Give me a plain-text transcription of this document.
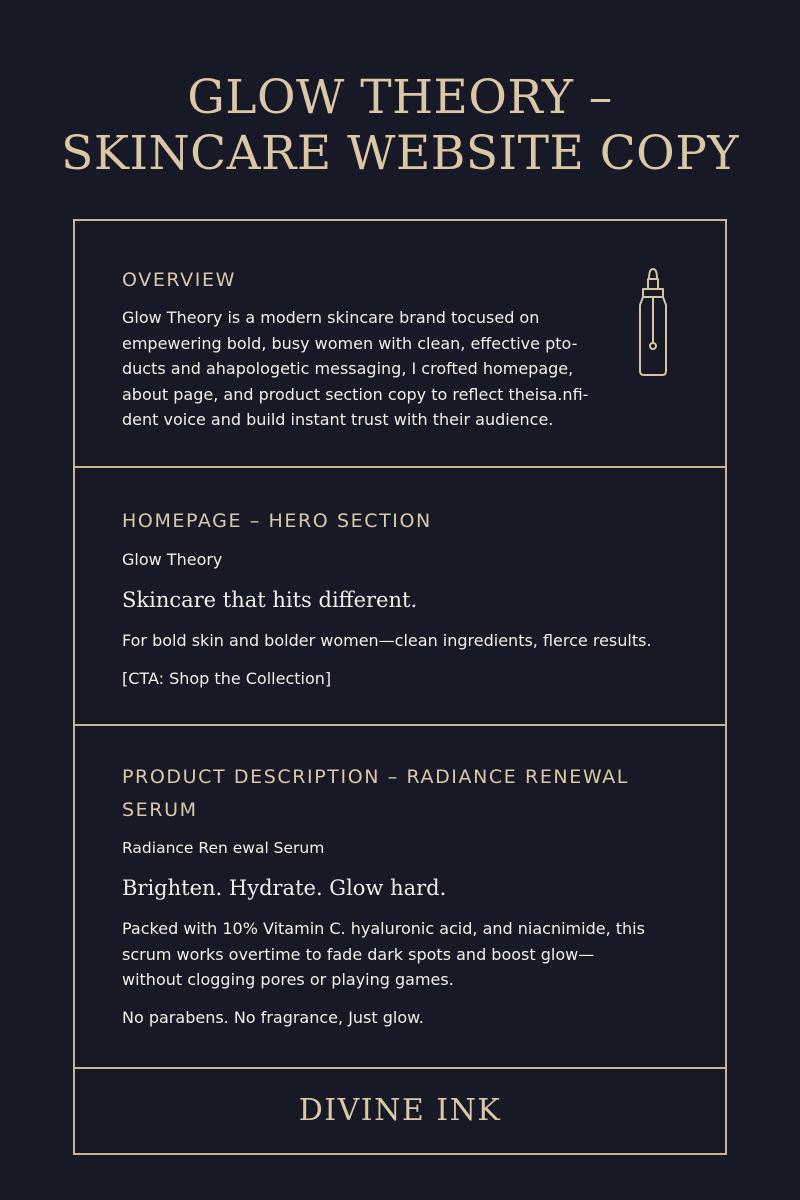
GLOW THEORY –
SKINCARE WEBSITE COPY
OVERVIEW
Glow Theory is a modern skincare brand tocused on
empewering bold, busy women with clean, effective pto-
ducts and ahapologetic messaging, I crofted homepage,
about page, and product section copy to reflect theisa.nfi-
dent voice and build instant trust with their audience.
HOMEPAGE – HERO SECTION
Glow Theory
Skincare that hits different.
For bold skin and bolder women—clean ingredients, flerce results.
[CTA: Shop the Collection]
PRODUCT DESCRIPTION – RADIANCE RENEWAL
SERUM
Radiance Ren ewal Serum
Brighten. Hydrate. Glow hard.
Packed with 10% Vitamin C. hyaluronic acid, and niacnimide, this
scrum works overtime to fade dark spots and boost glow—
without clogging pores or playing games.
No parabens. No fragrance, Just glow.
DIVINE INK
